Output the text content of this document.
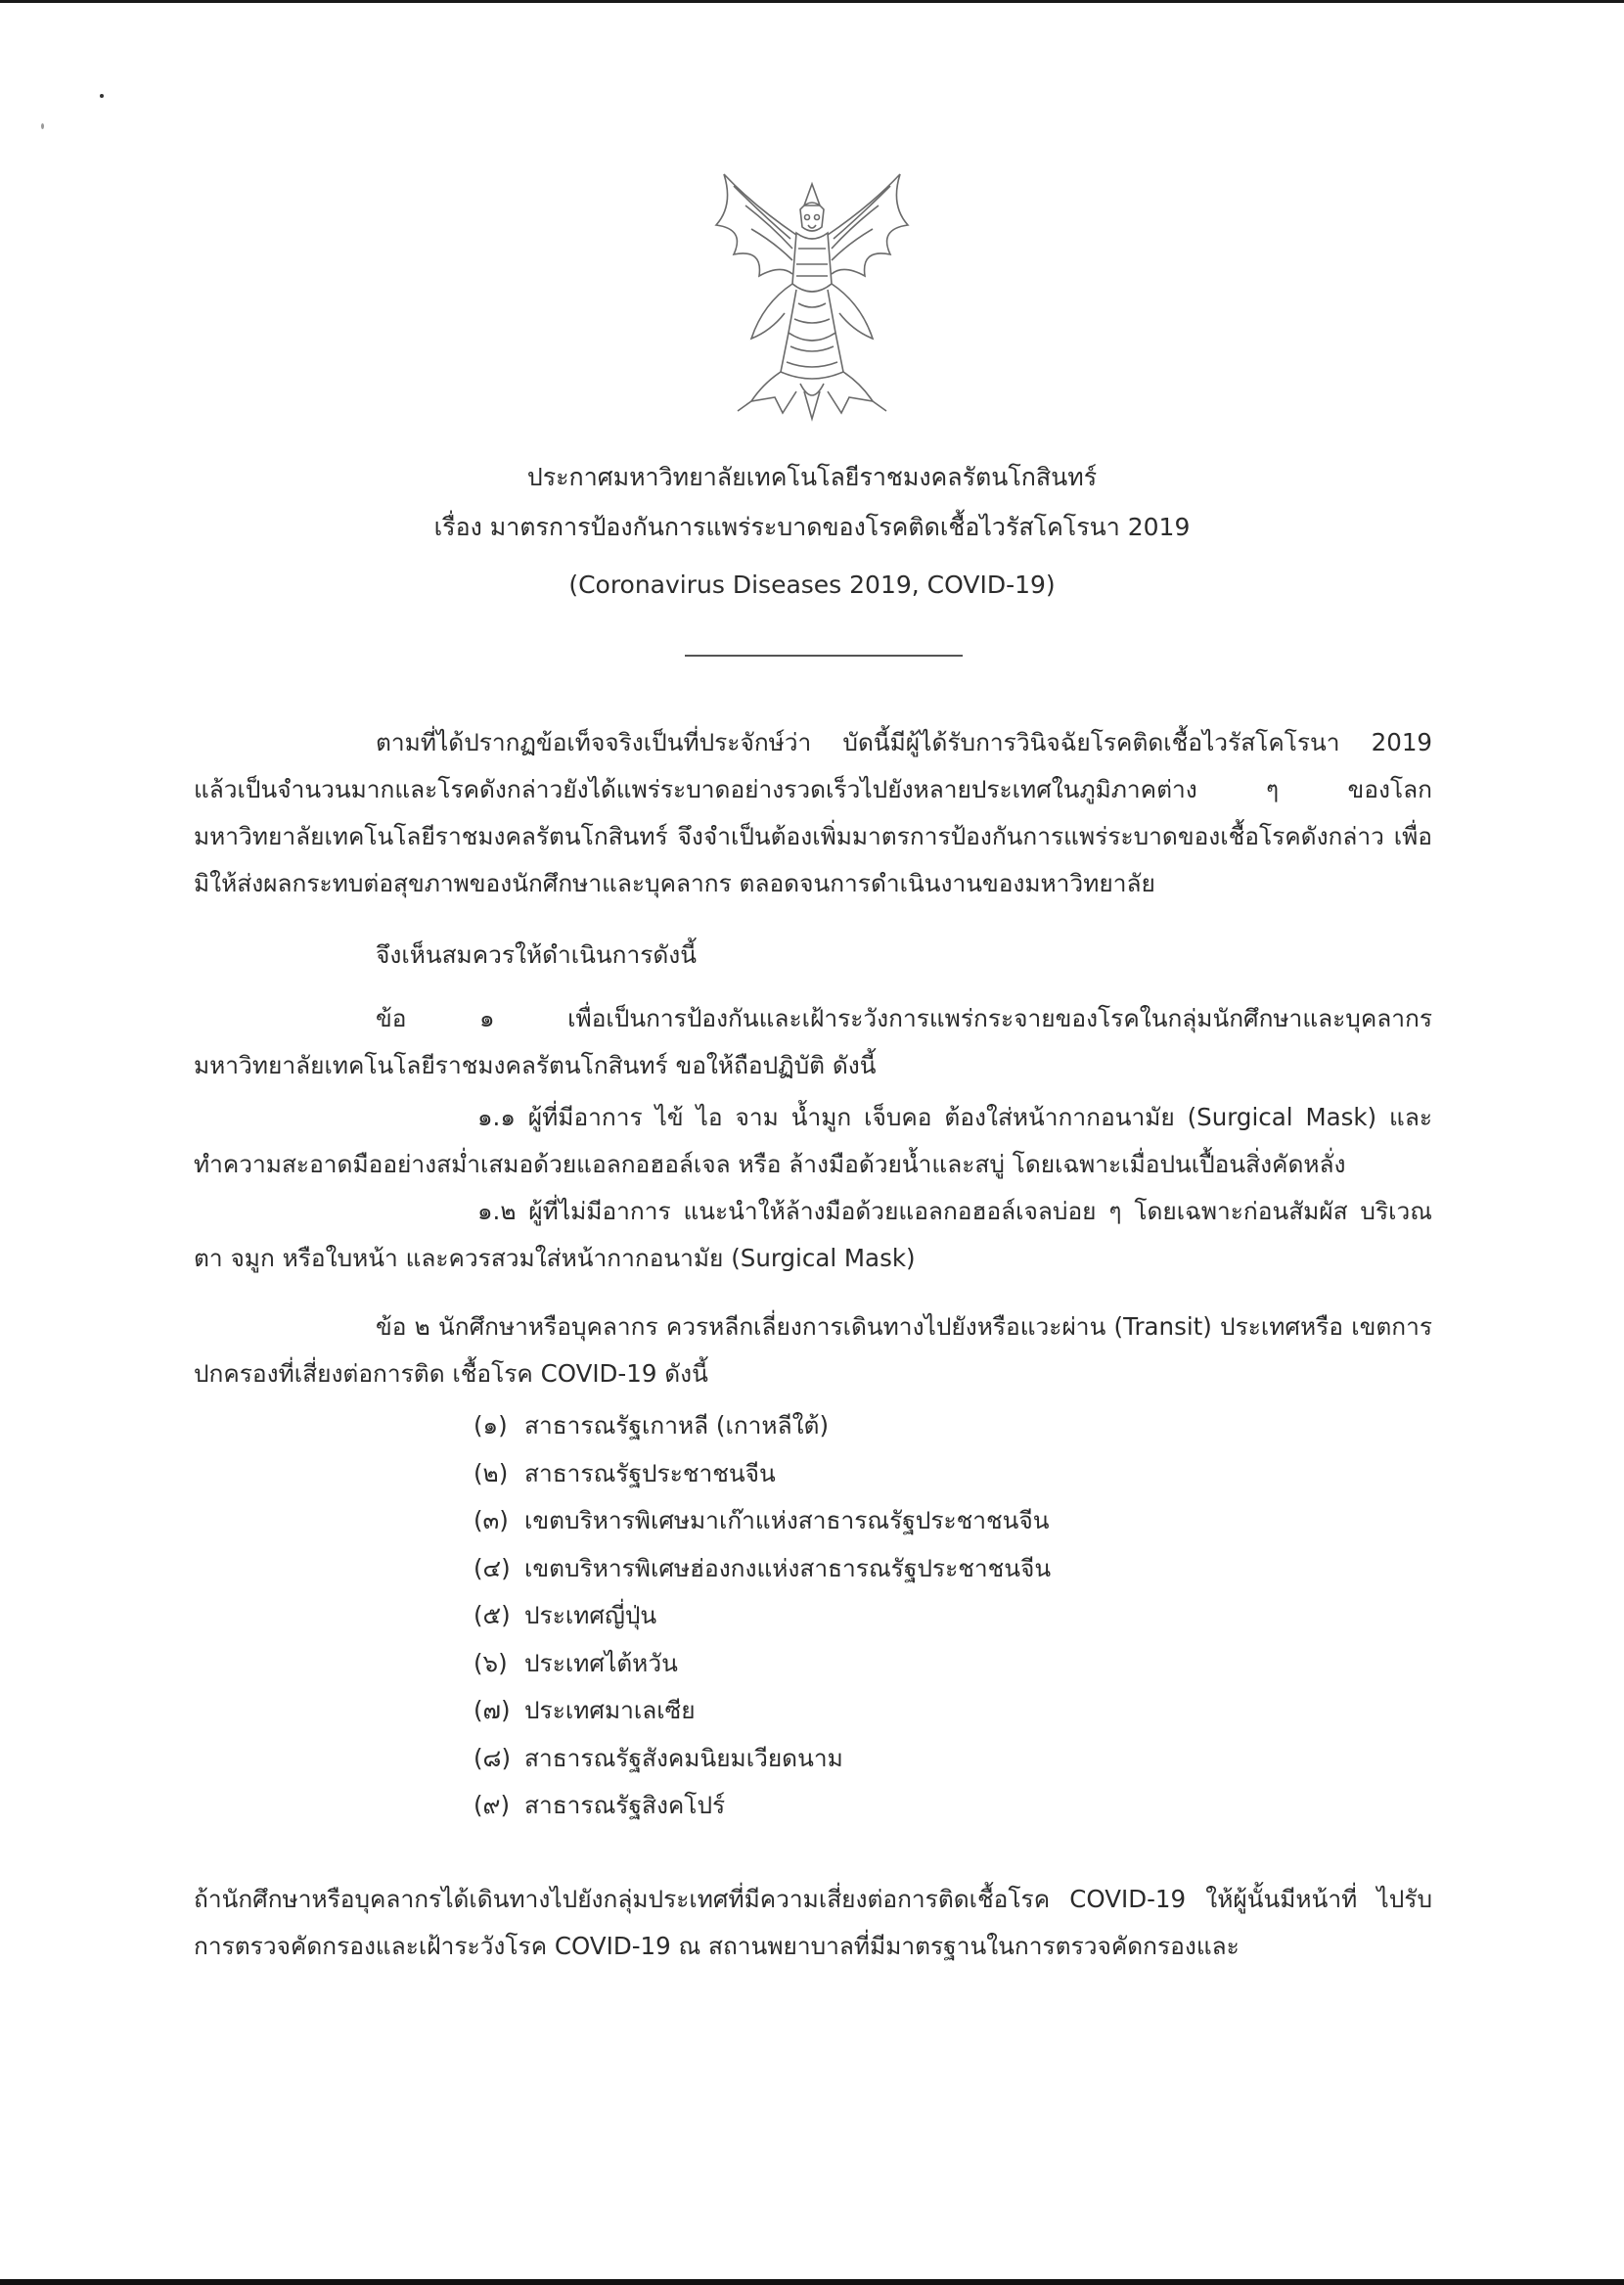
ประกาศมหาวิทยาลัยเทคโนโลยีราชมงคลรัตนโกสินทร์
เรื่อง มาตรการป้องกันการแพร่ระบาดของโรคติดเชื้อไวรัสโคโรนา 2019
(Coronavirus Diseases 2019, COVID-19)

ตามที่ได้ปรากฏข้อเท็จจริงเป็นที่ประจักษ์ว่า บัดนี้มีผู้ได้รับการวินิจฉัยโรคติดเชื้อไวรัสโคโรนา 2019 แล้วเป็นจำนวนมากและโรคดังกล่าวยังได้แพร่ระบาดอย่างรวดเร็วไปยังหลายประเทศในภูมิภาคต่าง ๆ ของโลก มหาวิทยาลัยเทคโนโลยีราชมงคลรัตนโกสินทร์ จึงจำเป็นต้องเพิ่มมาตรการป้องกันการแพร่ระบาดของเชื้อโรคดังกล่าว เพื่อมิให้ส่งผลกระทบต่อสุขภาพของนักศึกษาและบุคลากร ตลอดจนการดำเนินงานของมหาวิทยาลัย

จึงเห็นสมควรให้ดำเนินการดังนี้

ข้อ ๑ เพื่อเป็นการป้องกันและเฝ้าระวังการแพร่กระจายของโรคในกลุ่มนักศึกษาและบุคลากร มหาวิทยาลัยเทคโนโลยีราชมงคลรัตนโกสินทร์ ขอให้ถือปฏิบัติ ดังนี้

๑.๑ ผู้ที่มีอาการ ไข้ ไอ จาม น้ำมูก เจ็บคอ ต้องใส่หน้ากากอนามัย (Surgical Mask) และ ทำความสะอาดมืออย่างสม่ำเสมอด้วยแอลกอฮอล์เจล หรือ ล้างมือด้วยน้ำและสบู่ โดยเฉพาะเมื่อปนเปื้อนสิ่งคัดหลั่ง

๑.๒ ผู้ที่ไม่มีอาการ แนะนำให้ล้างมือด้วยแอลกอฮอล์เจลบ่อย ๆ โดยเฉพาะก่อนสัมผัส บริเวณตา จมูก หรือใบหน้า และควรสวมใส่หน้ากากอนามัย (Surgical Mask)

ข้อ ๒ นักศึกษาหรือบุคลากร ควรหลีกเลี่ยงการเดินทางไปยังหรือแวะผ่าน (Transit) ประเทศหรือ เขตการปกครองที่เสี่ยงต่อการติด เชื้อโรค COVID-19 ดังนี้

(๑) สาธารณรัฐเกาหลี (เกาหลีใต้)
(๒) สาธารณรัฐประชาชนจีน
(๓) เขตบริหารพิเศษมาเก๊าแห่งสาธารณรัฐประชาชนจีน
(๔) เขตบริหารพิเศษฮ่องกงแห่งสาธารณรัฐประชาชนจีน
(๕) ประเทศญี่ปุ่น
(๖) ประเทศไต้หวัน
(๗) ประเทศมาเลเซีย
(๘) สาธารณรัฐสังคมนิยมเวียดนาม
(๙) สาธารณรัฐสิงคโปร์

ถ้านักศึกษาหรือบุคลากรได้เดินทางไปยังกลุ่มประเทศที่มีความเสี่ยงต่อการติดเชื้อโรค COVID-19 ให้ผู้นั้นมีหน้าที่ ไปรับการตรวจคัดกรองและเฝ้าระวังโรค COVID-19 ณ สถานพยาบาลที่มีมาตรฐานในการตรวจคัดกรองและ
